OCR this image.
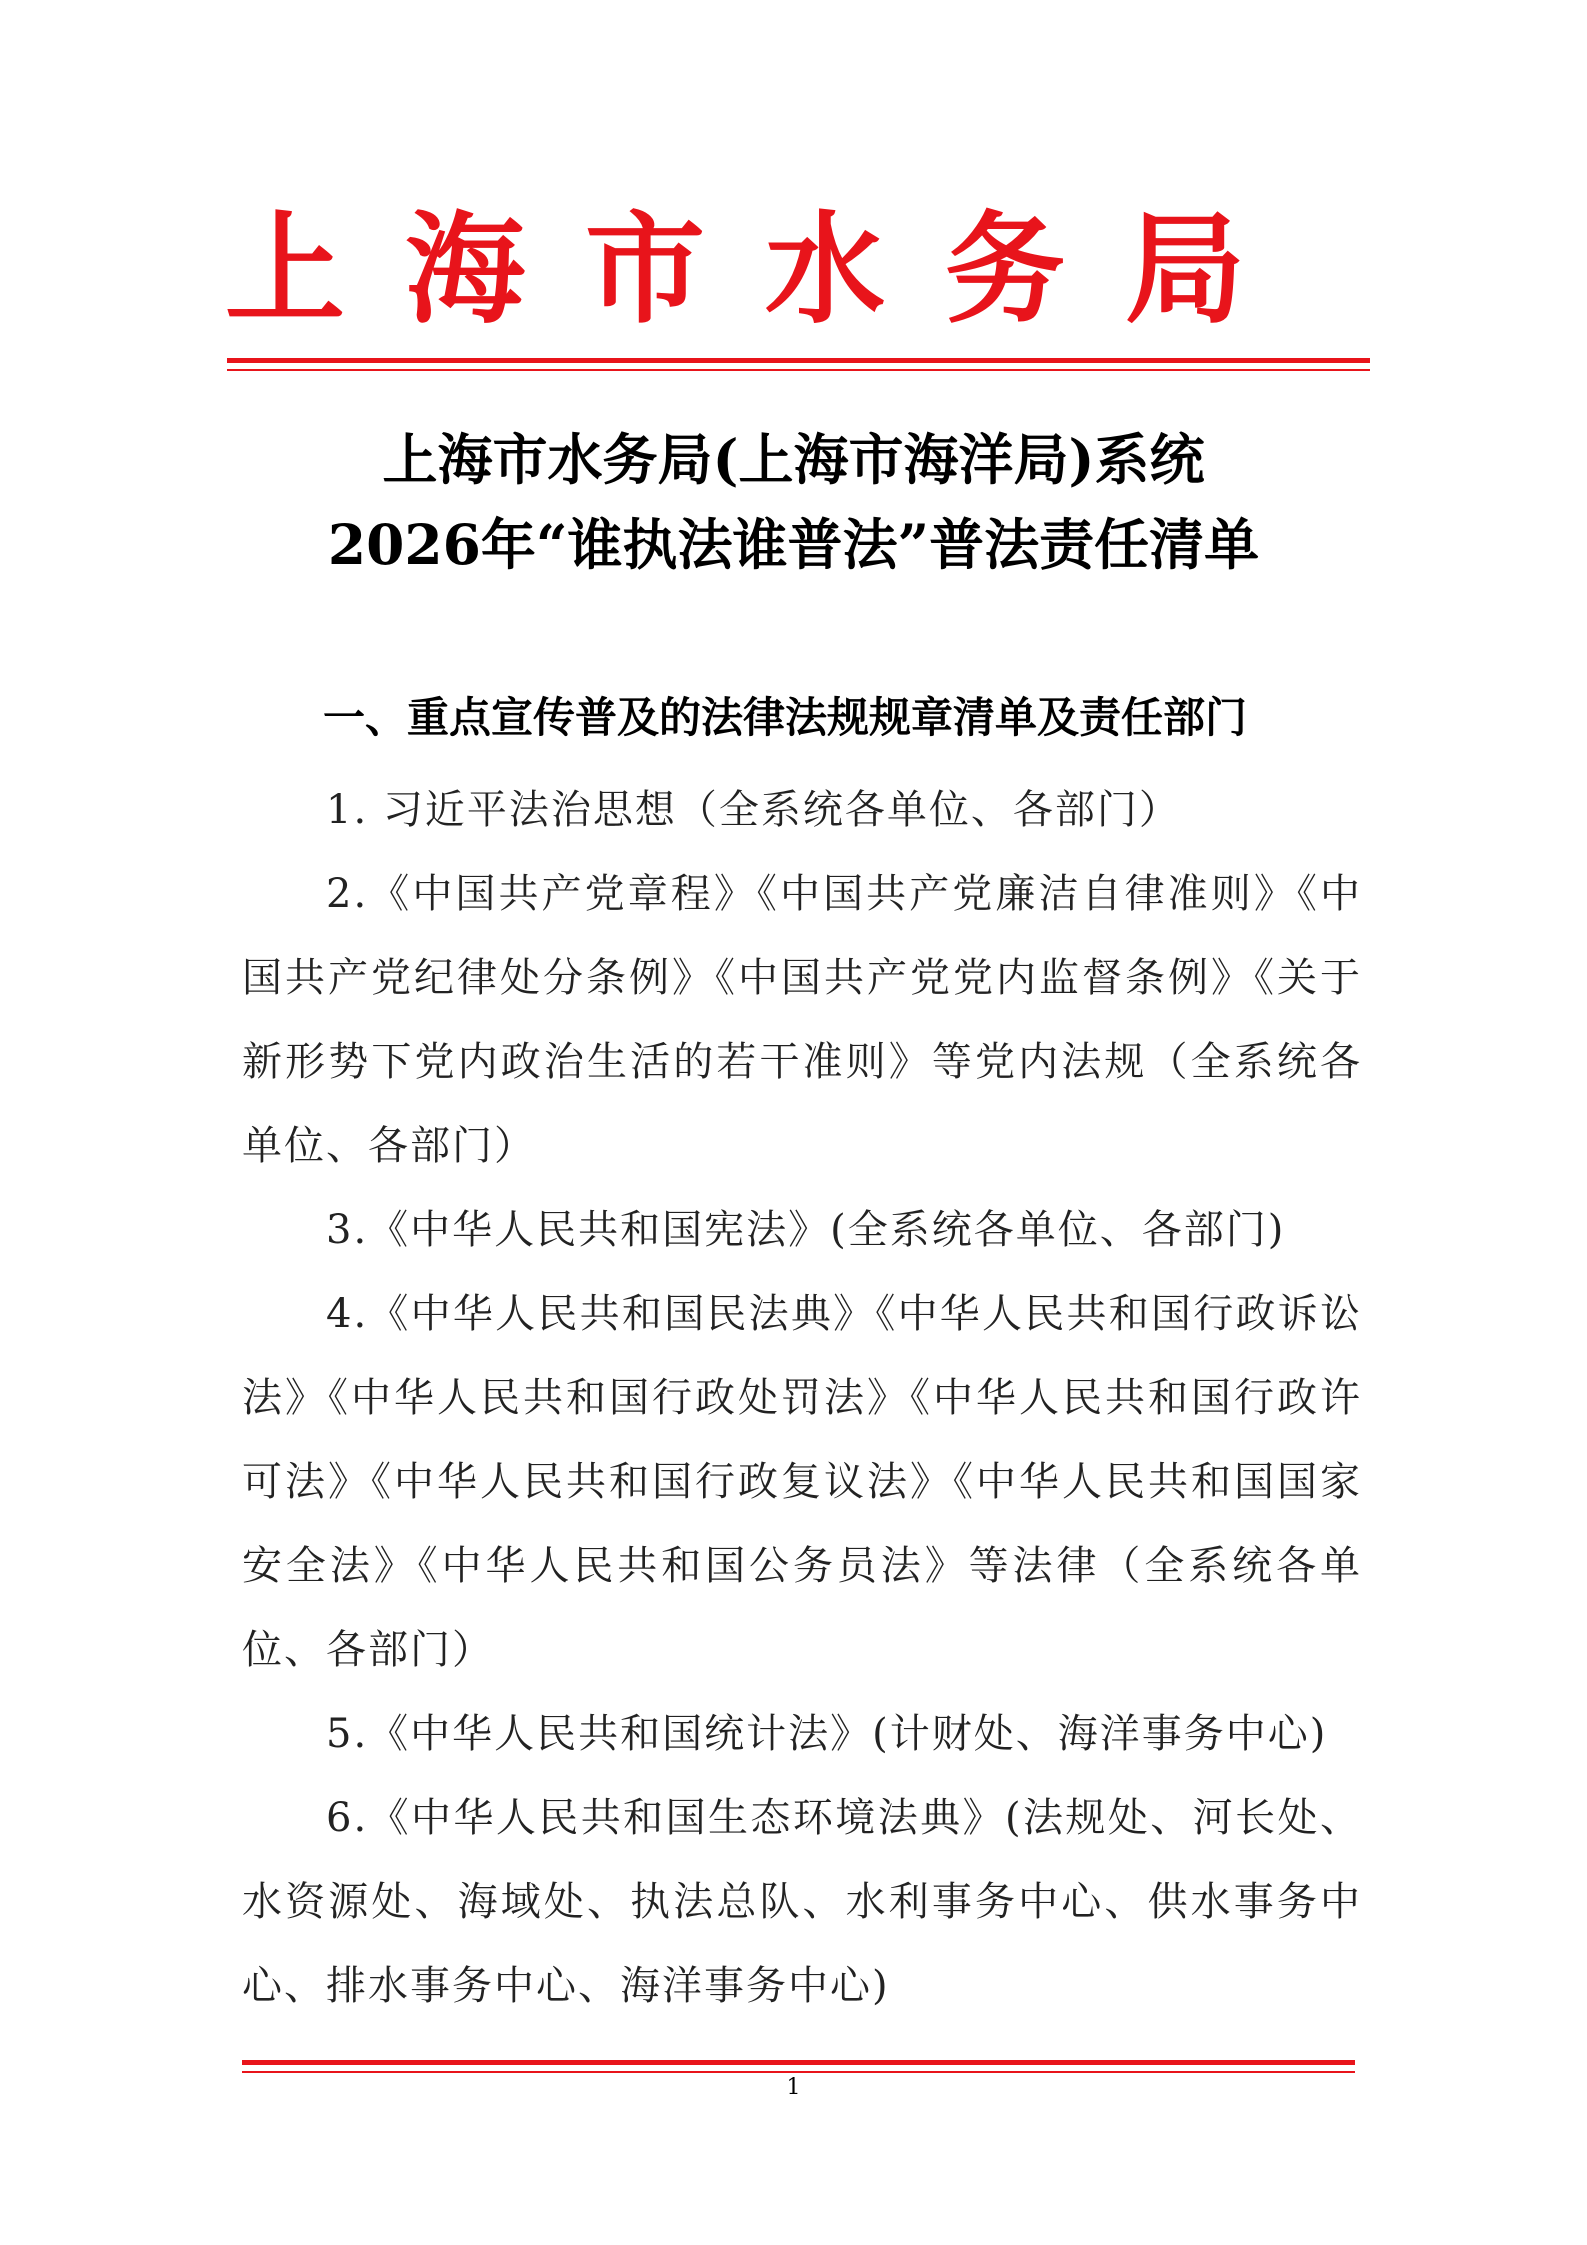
上海市水务局
上海市水务局(上海市海洋局)系统
2026年“谁执法谁普法”普法责任清单
一、重点宣传普及的法律法规规章清单及责任部门
1. 习近平法治思想（全系统各单位、各部门）
2.《中国共产党章程》《中国共产党廉洁自律准则》《中国共产党纪律处分条例》《中国共产党党内监督条例》《关于新形势下党内政治生活的若干准则》等党内法规（全系统各单位、各部门）
3.《中华人民共和国宪法》(全系统各单位、各部门)
4.《中华人民共和国民法典》《中华人民共和国行政诉讼法》《中华人民共和国行政处罚法》《中华人民共和国行政许可法》《中华人民共和国行政复议法》《中华人民共和国国家安全法》《中华人民共和国公务员法》等法律（全系统各单位、各部门）
5.《中华人民共和国统计法》(计财处、海洋事务中心)
6.《中华人民共和国生态环境法典》(法规处、河长处、水资源处、海域处、执法总队、水利事务中心、供水事务中心、排水事务中心、海洋事务中心)
1
